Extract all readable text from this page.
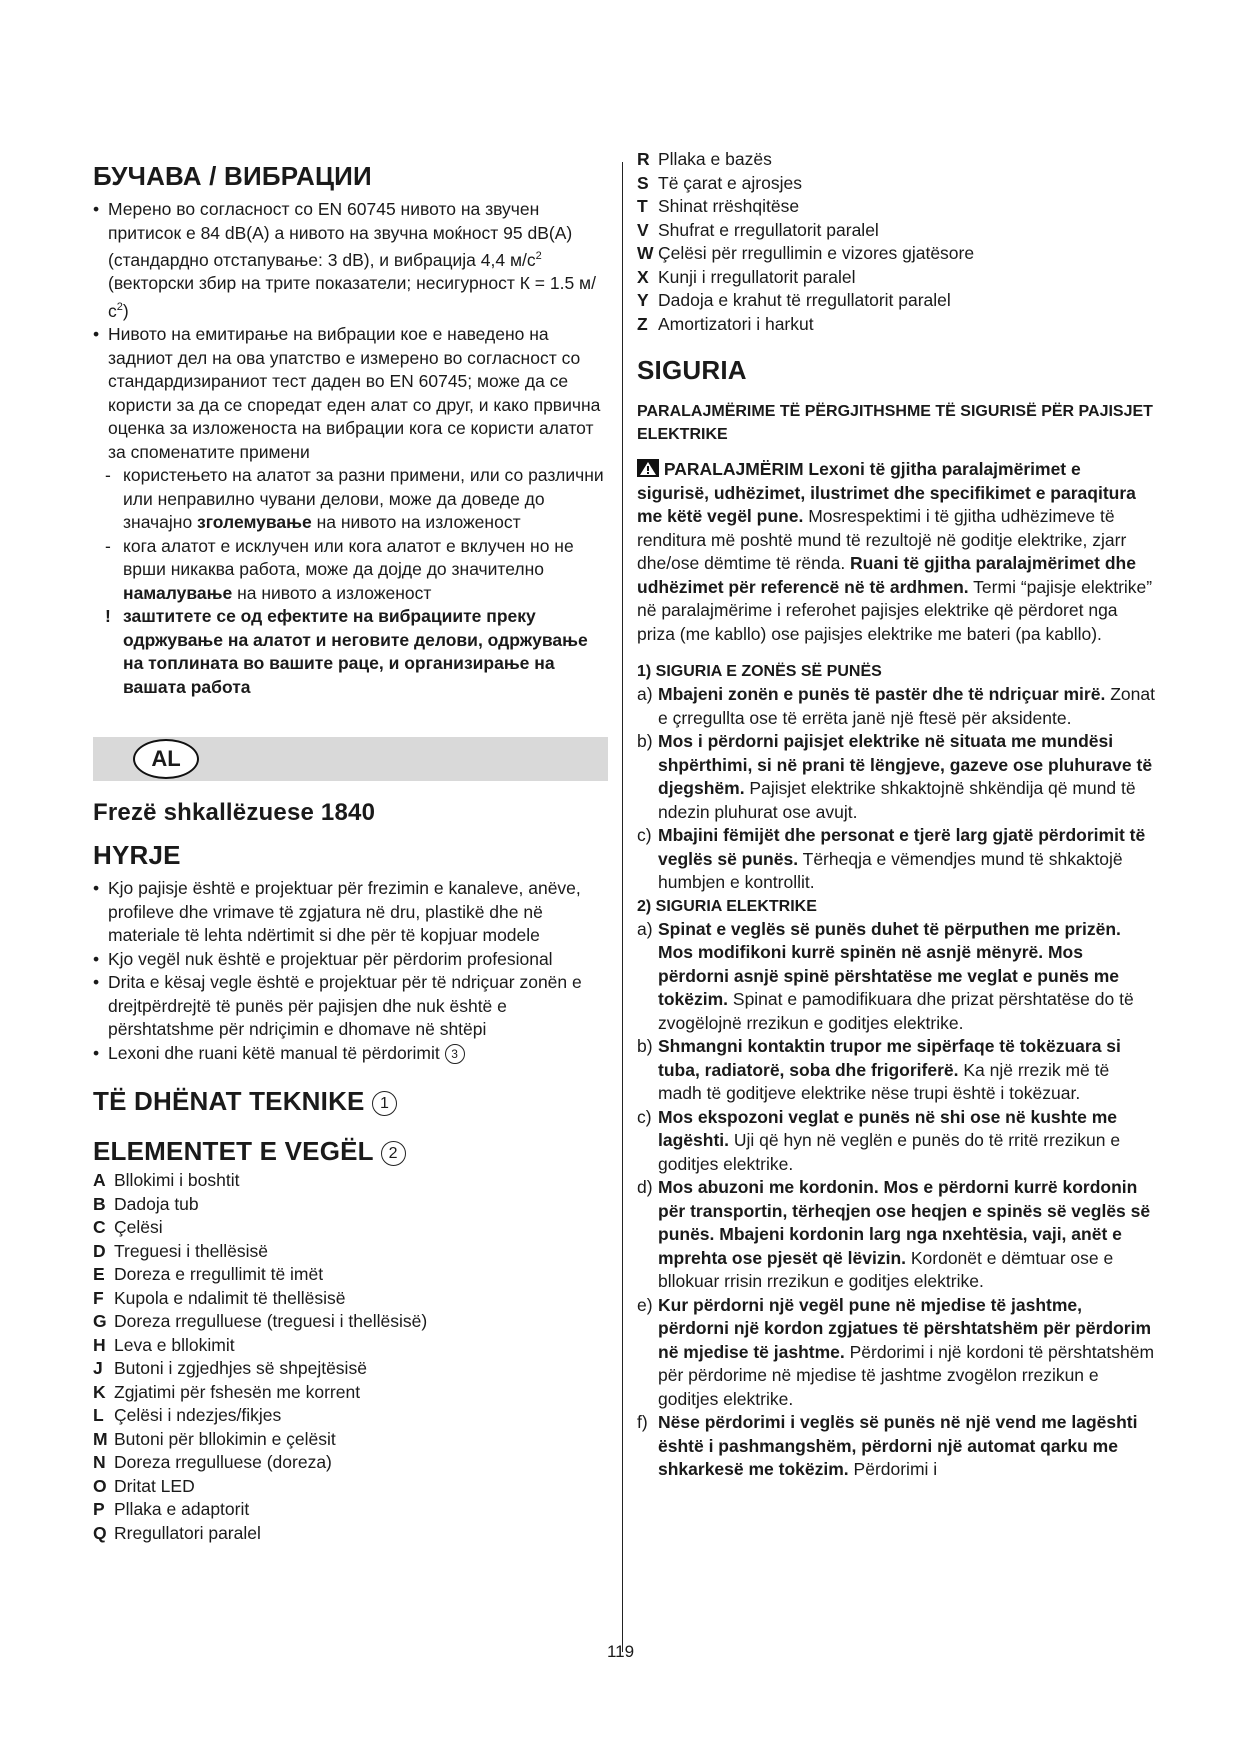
БУЧАВА / ВИБРАЦИИ
• Мерено во согласност со EN 60745 нивото на звучен притисок е 84 dB(A) а нивото на звучна моќност 95 dB(A) (стандардно отстапување: 3 dB), и вибрација 4,4 $м/с^2$ (векторски збир на трите показатели; несигурност К = 1.5 $м/с^2$)
• Нивото на емитирање на вибрации кое е наведено на задниот дел на ова упатство е измерено во согласност со стандардизираниот тест даден во EN 60745; може да се користи за да се споредат еден алат со друг, и како првична оценка за изложеноста на вибрации кога се користи алатот за споменатите примени
- користењето на алатот за разни примени, или со различни или неправилно чувани делови, може да доведе до значајно зголемување на нивото на изложеност
- кога алатот е исклучен или кога алатот е вклучен но не врши никаква работа, може да дојде до значително намалување на нивото а изложеност
! заштитете се од ефектите на вибрациите преку одржување на алатот и неговите делови, одржување на топлината во вашите раце, и организирање на вашата работа
AL
Frezë shkallëzuese 1840
HYRJE
• Kjo pajisje është e projektuar për frezimin e kanaleve, anëve, profileve dhe vrimave të zgjatura në dru, plastikë dhe në materiale të lehta ndërtimit si dhe për të kopjuar modele
• Kjo vegël nuk është e projektuar për përdorim profesional
• Drita e kësaj vegle është e projektuar për të ndriçuar zonën e drejtpërdrejtë të punës për pajisjen dhe nuk është e përshtatshme për ndriçimin e dhomave në shtëpi
• Lexoni dhe ruani këtë manual të përdorimit 3
TË DHËNAT TEKNIKE 1
ELEMENTET E VEGËL 2
A Bllokimi i boshtit
B Dadoja tub
C Çelësi
D Treguesi i thellësisë
E Doreza e rregullimit të imët
F Kupola e ndalimit të thellësisë
G Doreza rregulluese (treguesi i thellësisë)
H Leva e bllokimit
J Butoni i zgjedhjes së shpejtësisë
K Zgjatimi për fshesën me korrent
L Çelësi i ndezjes/fikjes
M Butoni për bllokimin e çelësit
N Doreza rregulluese (doreza)
O Dritat LED
P Pllaka e adaptorit
Q Rregullatori paralel
R Pllaka e bazës
S Të çarat e ajrosjes
T Shinat rrëshqitëse
V Shufrat e rregullatorit paralel
W Çelësi për rregullimin e vizores gjatësore
X Kunji i rregullatorit paralel
Y Dadoja e krahut të rregullatorit paralel
Z Amortizatori i harkut
SIGURIA
PARALAJMËRIME TË PËRGJITHSHME TË SIGURISË PËR PAJISJET ELEKTRIKE

PARALAJMËRIM Lexoni të gjitha paralajmërimet e sigurisë, udhëzimet, ilustrimet dhe specifikimet e paraqitura me këtë vegël pune. Mosrespektimi i të gjitha udhëzimeve të renditura më poshtë mund të rezultojë në goditje elektrike, zjarr dhe/ose dëmtime të rënda. Ruani të gjitha paralajmërimet dhe udhëzimet për referencë në të ardhmen. Termi “pajisje elektrike” në paralajmërime i referohet pajisjes elektrike që përdoret nga priza (me kabllo) ose pajisjes elektrike me bateri (pa kabllo).

1) SIGURIA E ZONËS SË PUNËS
a) Mbajeni zonën e punës të pastër dhe të ndriçuar mirë. Zonat e çrregullta ose të errëta janë një ftesë për aksidente.
b) Mos i përdorni pajisjet elektrike në situata me mundësi shpërthimi, si në prani të lëngjeve, gazeve ose pluhurave të djegshëm. Pajisjet elektrike shkaktojnë shkëndija që mund të ndezin pluhurat ose avujt.
c) Mbajini fëmijët dhe personat e tjerë larg gjatë përdorimit të veglës së punës. Tërheqja e vëmendjes mund të shkaktojë humbjen e kontrollit.
2) SIGURIA ELEKTRIKE
a) Spinat e veglës së punës duhet të përputhen me prizën. Mos modifikoni kurrë spinën në asnjë mënyrë. Mos përdorni asnjë spinë përshtatëse me veglat e punës me tokëzim. Spinat e pamodifikuara dhe prizat përshtatëse do të zvogëlojnë rrezikun e goditjes elektrike.
b) Shmangni kontaktin trupor me sipërfaqe të tokëzuara si tuba, radiatorë, soba dhe frigoriferë. Ka një rrezik më të madh të goditjeve elektrike nëse trupi është i tokëzuar.
c) Mos ekspozoni veglat e punës në shi ose në kushte me lagështi. Uji që hyn në veglën e punës do të rritë rrezikun e goditjes elektrike.
d) Mos abuzoni me kordonin. Mos e përdorni kurrë kordonin për transportin, tërheqjen ose heqjen e spinës së veglës së punës. Mbajeni kordonin larg nga nxehtësia, vaji, anët e mprehta ose pjesët që lëvizin. Kordonët e dëmtuar ose e bllokuar rrisin rrezikun e goditjes elektrike.
e) Kur përdorni një vegël pune në mjedise të jashtme, përdorni një kordon zgjatues të përshtatshëm për përdorim në mjedise të jashtme. Përdorimi i një kordoni të përshtatshëm për përdorime në mjedise të jashtme zvogëlon rrezikun e goditjes elektrike.
f) Nëse përdorimi i veglës së punës në një vend me lagështi është i pashmangshëm, përdorni një automat qarku me shkarkesë me tokëzim. Përdorimi i
119
